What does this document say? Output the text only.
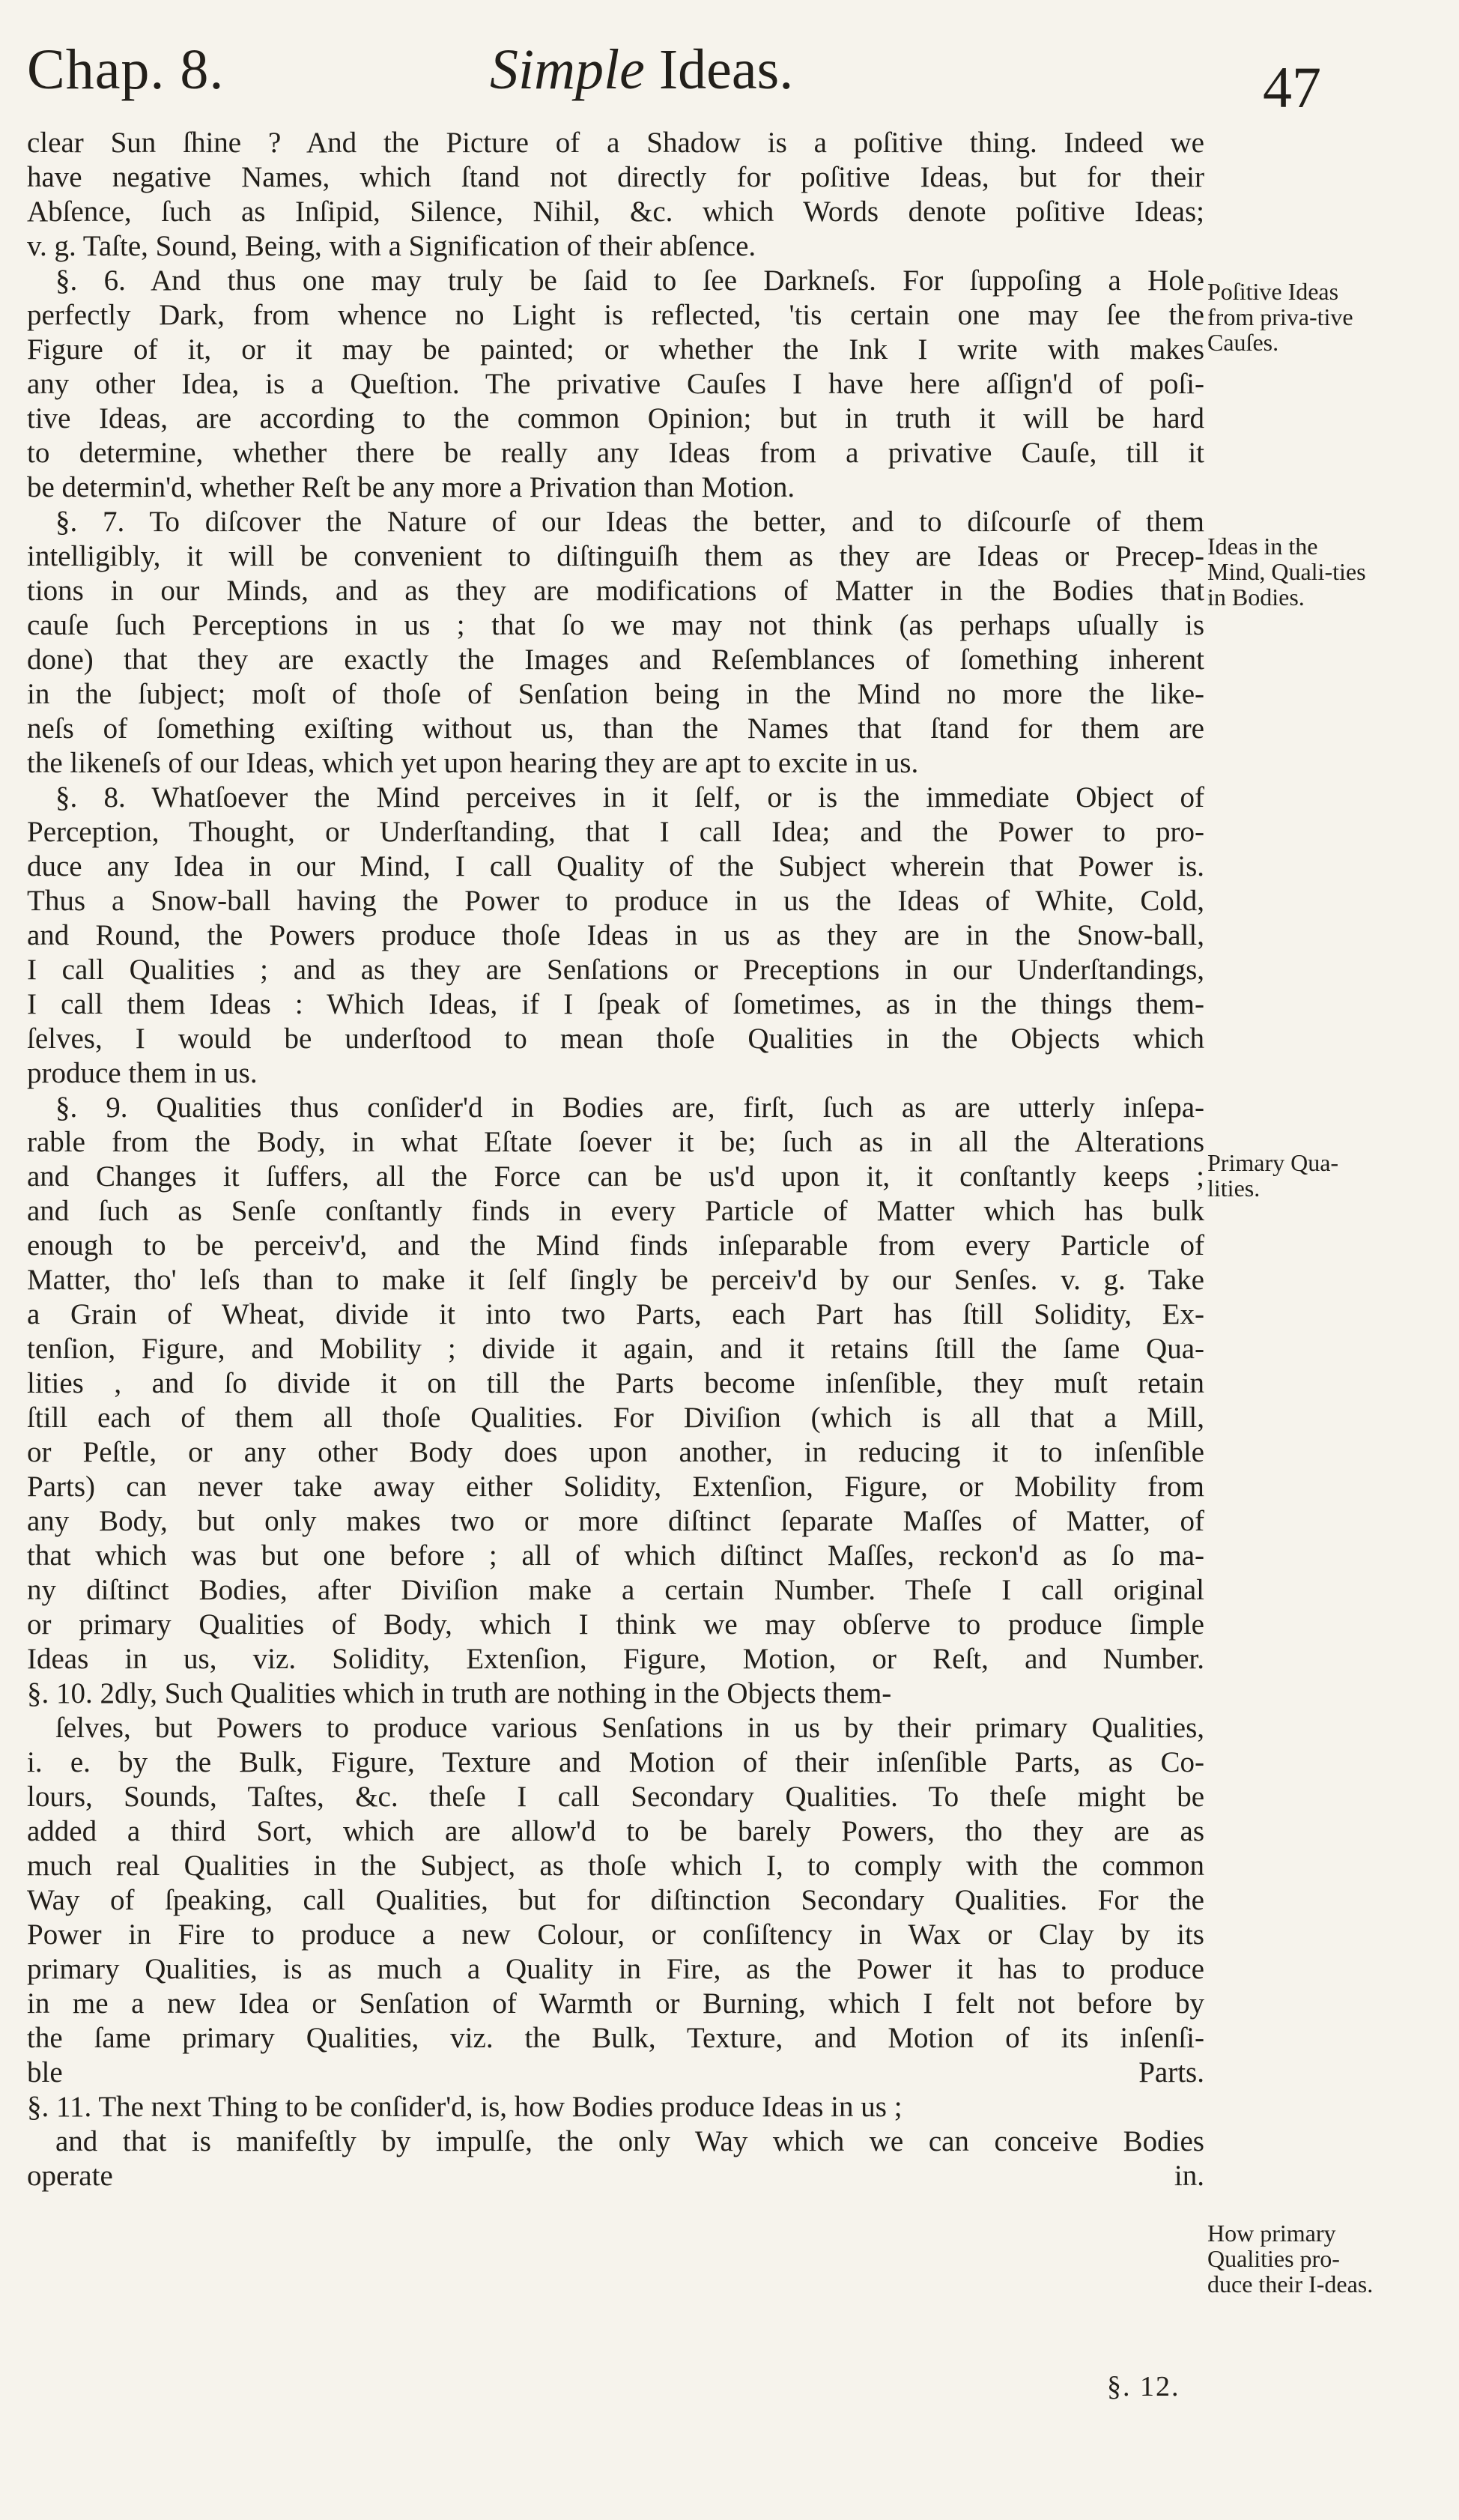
Chap. 8.	Simple Ideas.	47
clear Sun ſhine ? And the Picture of a Shadow is a poſitive thing. Indeed we
have negative Names, which ſtand not directly for poſitive Ideas, but for their
Abſence, ſuch as Inſipid, Silence, Nihil, &c. which Words denote poſitive Ideas;
v. g. Taſte, Sound, Being, with a Signification of their abſence.
§. 6. And thus one may truly be ſaid to ſee Darkneſs. For ſuppoſing a Hole
perfectly Dark, from whence no Light is reflected, 'tis certain one may ſee the
Figure of it, or it may be painted; or whether the Ink I write with makes
any other Idea, is a Queſtion. The privative Cauſes I have here aſſign'd of poſi-
tive Ideas, are according to the common Opinion; but in truth it will be hard
to determine, whether there be really any Ideas from a privative Cauſe, till it
be determin'd, whether Reſt be any more a Privation than Motion.
§. 7. To diſcover the Nature of our Ideas the better, and to diſcourſe of them
intelligibly, it will be convenient to diſtinguiſh them as they are Ideas or Precep-
tions in our Minds, and as they are modifications of Matter in the Bodies that
cauſe ſuch Perceptions in us ; that ſo we may not think (as perhaps uſually is
done) that they are exactly the Images and Reſemblances of ſomething inherent
in the ſubject; moſt of thoſe of Senſation being in the Mind no more the like-
neſs of ſomething exiſting without us, than the Names that ſtand for them are
the likeneſs of our Ideas, which yet upon hearing they are apt to excite in us.
§. 8. Whatſoever the Mind perceives in it ſelf, or is the immediate Object of
Perception, Thought, or Underſtanding, that I call Idea; and the Power to pro-
duce any Idea in our Mind, I call Quality of the Subject wherein that Power is.
Thus a Snow-ball having the Power to produce in us the Ideas of White, Cold,
and Round, the Powers produce thoſe Ideas in us as they are in the Snow-ball,
I call Qualities ; and as they are Senſations or Preceptions in our Underſtandings,
I call them Ideas : Which Ideas, if I ſpeak of ſometimes, as in the things them-
ſelves, I would be underſtood to mean thoſe Qualities in the Objects which
produce them in us.
§. 9. Qualities thus conſider'd in Bodies are, firſt, ſuch as are utterly inſepa-
rable from the Body, in what Eſtate ſoever it be; ſuch as in all the Alterations
and Changes it ſuffers, all the Force can be us'd upon it, it conſtantly keeps ;
and ſuch as Senſe conſtantly finds in every Particle of Matter which has bulk
enough to be perceiv'd, and the Mind finds inſeparable from every Particle of
Matter, tho' leſs than to make it ſelf ſingly be perceiv'd by our Senſes. v. g. Take
a Grain of Wheat, divide it into two Parts, each Part has ſtill Solidity, Ex-
tenſion, Figure, and Mobility ; divide it again, and it retains ſtill the ſame Qua-
lities , and ſo divide it on till the Parts become inſenſible, they muſt retain
ſtill each of them all thoſe Qualities. For Diviſion (which is all that a Mill,
or Peſtle, or any other Body does upon another, in reducing it to inſenſible
Parts) can never take away either Solidity, Extenſion, Figure, or Mobility from
any Body, but only makes two or more diſtinct ſeparate Maſſes of Matter, of
that which was but one before ; all of which diſtinct Maſſes, reckon'd as ſo ma-
ny diſtinct Bodies, after Diviſion make a certain Number. Theſe I call original
or primary Qualities of Body, which I think we may obſerve to produce ſimple
Ideas in us, viz. Solidity, Extenſion, Figure, Motion, or Reſt, and Number.
§. 10. 2dly, Such Qualities which in truth are nothing in the Objects them-
ſelves, but Powers to produce various Senſations in us by their primary Qualities,
i. e. by the Bulk, Figure, Texture and Motion of their inſenſible Parts, as Co-
lours, Sounds, Taſtes, &c. theſe I call Secondary Qualities. To theſe might be
added a third Sort, which are allow'd to be barely Powers, tho they are as
much real Qualities in the Subject, as thoſe which I, to comply with the common
Way of ſpeaking, call Qualities, but for diſtinction Secondary Qualities. For the
Power in Fire to produce a new Colour, or conſiſtency in Wax or Clay by its
primary Qualities, is as much a Quality in Fire, as the Power it has to produce
in me a new Idea or Senſation of Warmth or Burning, which I felt not before by
the ſame primary Qualities, viz. the Bulk, Texture, and Motion of its inſenſi-
ble Parts.
§. 11. The next Thing to be conſider'd, is, how Bodies produce Ideas in us ;
and that is manifeſtly by impulſe, the only Way which we can conceive Bodies
operate in.
Poſitive Ideas from priva-tive Cauſes.
Ideas in the Mind, Quali-ties in Bodies.
Primary Qua-lities.
How primary Qualities pro-duce their I-deas.
§. 12.
